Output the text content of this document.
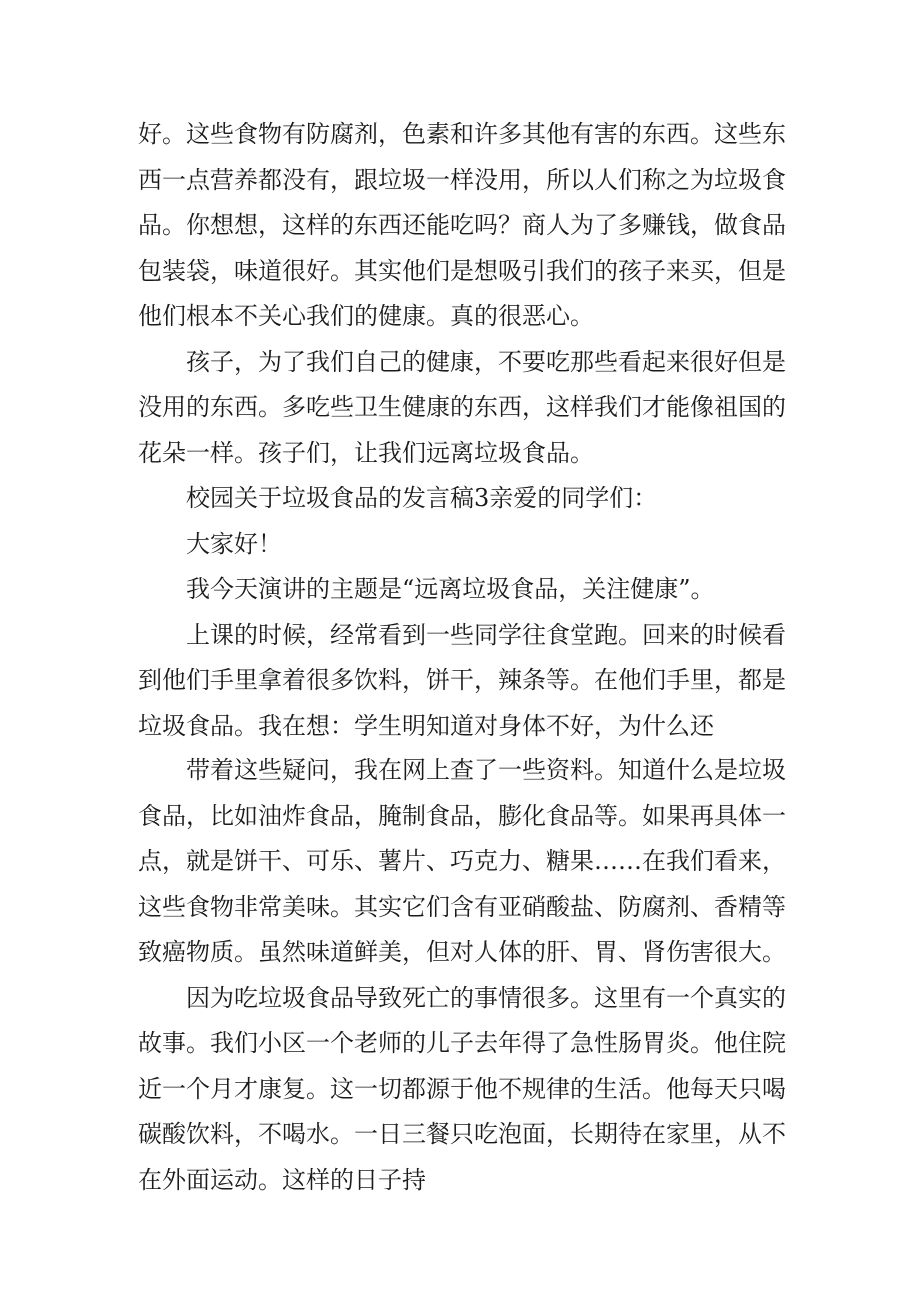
好。这些食物有防腐剂，色素和许多其他有害的东西。这些东西一点营养都没有，跟垃圾一样没用，所以人们称之为垃圾食品。你想想，这样的东西还能吃吗？商人为了多赚钱，做食品包装袋，味道很好。其实他们是想吸引我们的孩子来买，但是他们根本不关心我们的健康。真的很恶心。

孩子，为了我们自己的健康，不要吃那些看起来很好但是没用的东西。多吃些卫生健康的东西，这样我们才能像祖国的花朵一样。孩子们，让我们远离垃圾食品。

校园关于垃圾食品的发言稿3亲爱的同学们：

大家好！

我今天演讲的主题是“远离垃圾食品，关注健康”。

上课的时候，经常看到一些同学往食堂跑。回来的时候看到他们手里拿着很多饮料，饼干，辣条等。在他们手里，都是垃圾食品。我在想：学生明知道对身体不好，为什么还

带着这些疑问，我在网上查了一些资料。知道什么是垃圾食品，比如油炸食品，腌制食品，膨化食品等。如果再具体一点，就是饼干、可乐、薯片、巧克力、糖果……在我们看来，这些食物非常美味。其实它们含有亚硝酸盐、防腐剂、香精等致癌物质。虽然味道鲜美，但对人体的肝、胃、肾伤害很大。

因为吃垃圾食品导致死亡的事情很多。这里有一个真实的故事。我们小区一个老师的儿子去年得了急性肠胃炎。他住院近一个月才康复。这一切都源于他不规律的生活。他每天只喝碳酸饮料，不喝水。一日三餐只吃泡面，长期待在家里，从不在外面运动。这样的日子持
